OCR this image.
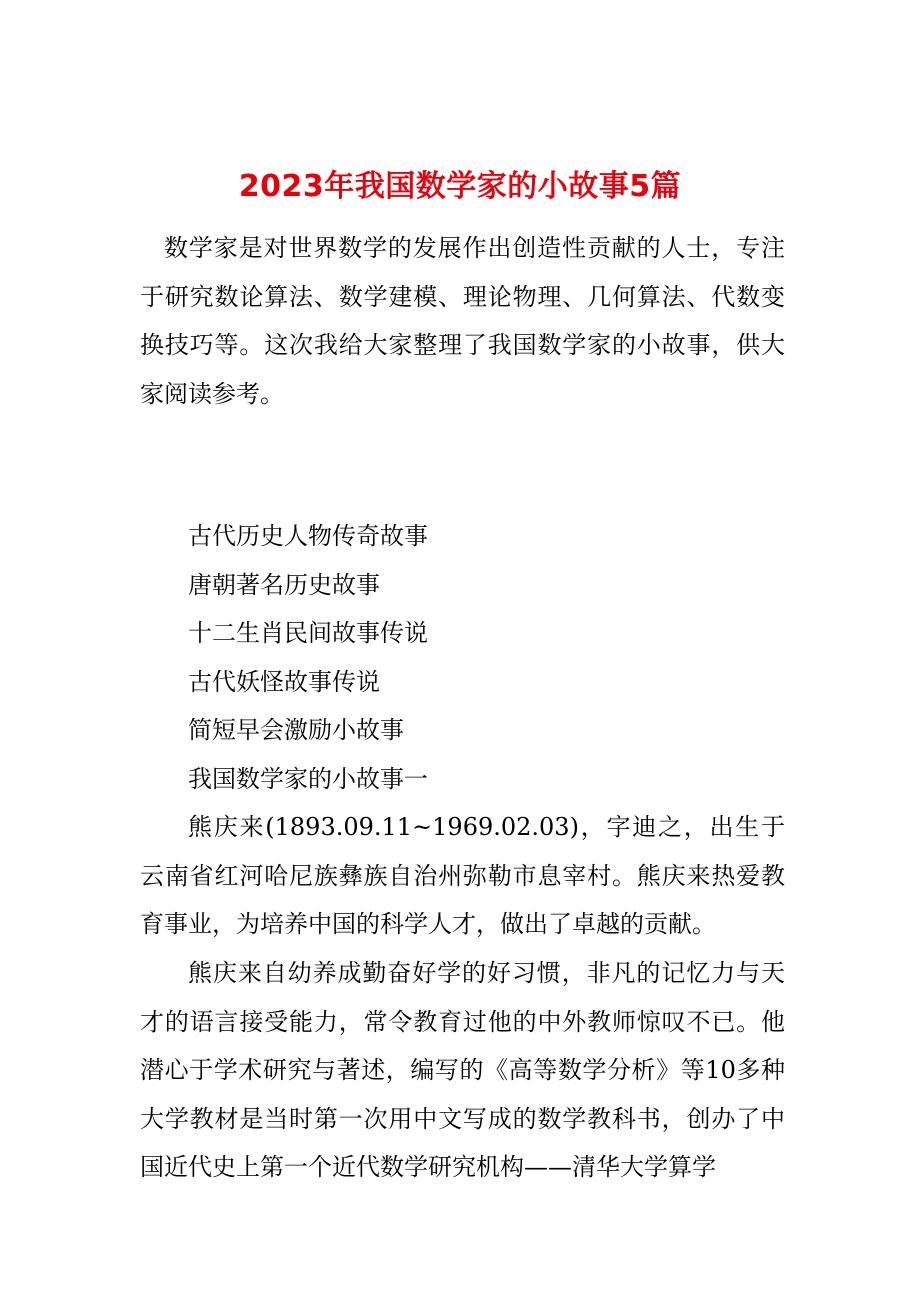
2023年我国数学家的小故事5篇

数学家是对世界数学的发展作出创造性贡献的人士，专注于研究数论算法、数学建模、理论物理、几何算法、代数变换技巧等。这次我给大家整理了我国数学家的小故事，供大家阅读参考。

古代历史人物传奇故事
唐朝著名历史故事
十二生肖民间故事传说
古代妖怪故事传说
简短早会激励小故事
我国数学家的小故事一

熊庆来(1893.09.11~1969.02.03)，字迪之，出生于云南省红河哈尼族彝族自治州弥勒市息宰村。熊庆来热爱教育事业，为培养中国的科学人才，做出了卓越的贡献。

熊庆来自幼养成勤奋好学的好习惯，非凡的记忆力与天才的语言接受能力，常令教育过他的中外教师惊叹不已。他潜心于学术研究与著述，编写的《高等数学分析》等10多种大学教材是当时第一次用中文写成的数学教科书，创办了中国近代史上第一个近代数学研究机构——清华大学算学
